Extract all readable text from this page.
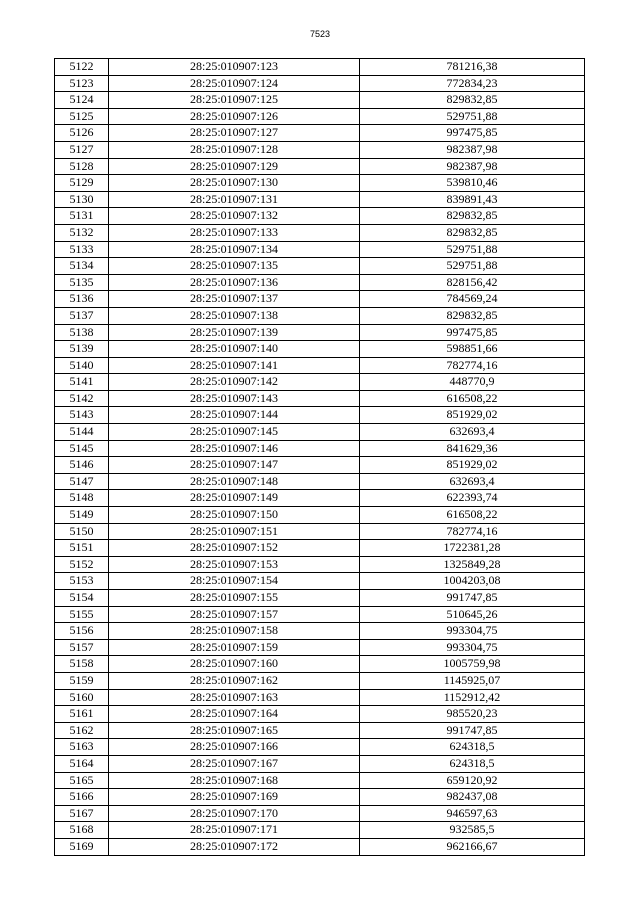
7523
5122	28:25:010907:123	781216,38
5123	28:25:010907:124	772834,23
5124	28:25:010907:125	829832,85
5125	28:25:010907:126	529751,88
5126	28:25:010907:127	997475,85
5127	28:25:010907:128	982387,98
5128	28:25:010907:129	982387,98
5129	28:25:010907:130	539810,46
5130	28:25:010907:131	839891,43
5131	28:25:010907:132	829832,85
5132	28:25:010907:133	829832,85
5133	28:25:010907:134	529751,88
5134	28:25:010907:135	529751,88
5135	28:25:010907:136	828156,42
5136	28:25:010907:137	784569,24
5137	28:25:010907:138	829832,85
5138	28:25:010907:139	997475,85
5139	28:25:010907:140	598851,66
5140	28:25:010907:141	782774,16
5141	28:25:010907:142	448770,9
5142	28:25:010907:143	616508,22
5143	28:25:010907:144	851929,02
5144	28:25:010907:145	632693,4
5145	28:25:010907:146	841629,36
5146	28:25:010907:147	851929,02
5147	28:25:010907:148	632693,4
5148	28:25:010907:149	622393,74
5149	28:25:010907:150	616508,22
5150	28:25:010907:151	782774,16
5151	28:25:010907:152	1722381,28
5152	28:25:010907:153	1325849,28
5153	28:25:010907:154	1004203,08
5154	28:25:010907:155	991747,85
5155	28:25:010907:157	510645,26
5156	28:25:010907:158	993304,75
5157	28:25:010907:159	993304,75
5158	28:25:010907:160	1005759,98
5159	28:25:010907:162	1145925,07
5160	28:25:010907:163	1152912,42
5161	28:25:010907:164	985520,23
5162	28:25:010907:165	991747,85
5163	28:25:010907:166	624318,5
5164	28:25:010907:167	624318,5
5165	28:25:010907:168	659120,92
5166	28:25:010907:169	982437,08
5167	28:25:010907:170	946597,63
5168	28:25:010907:171	932585,5
5169	28:25:010907:172	962166,67
